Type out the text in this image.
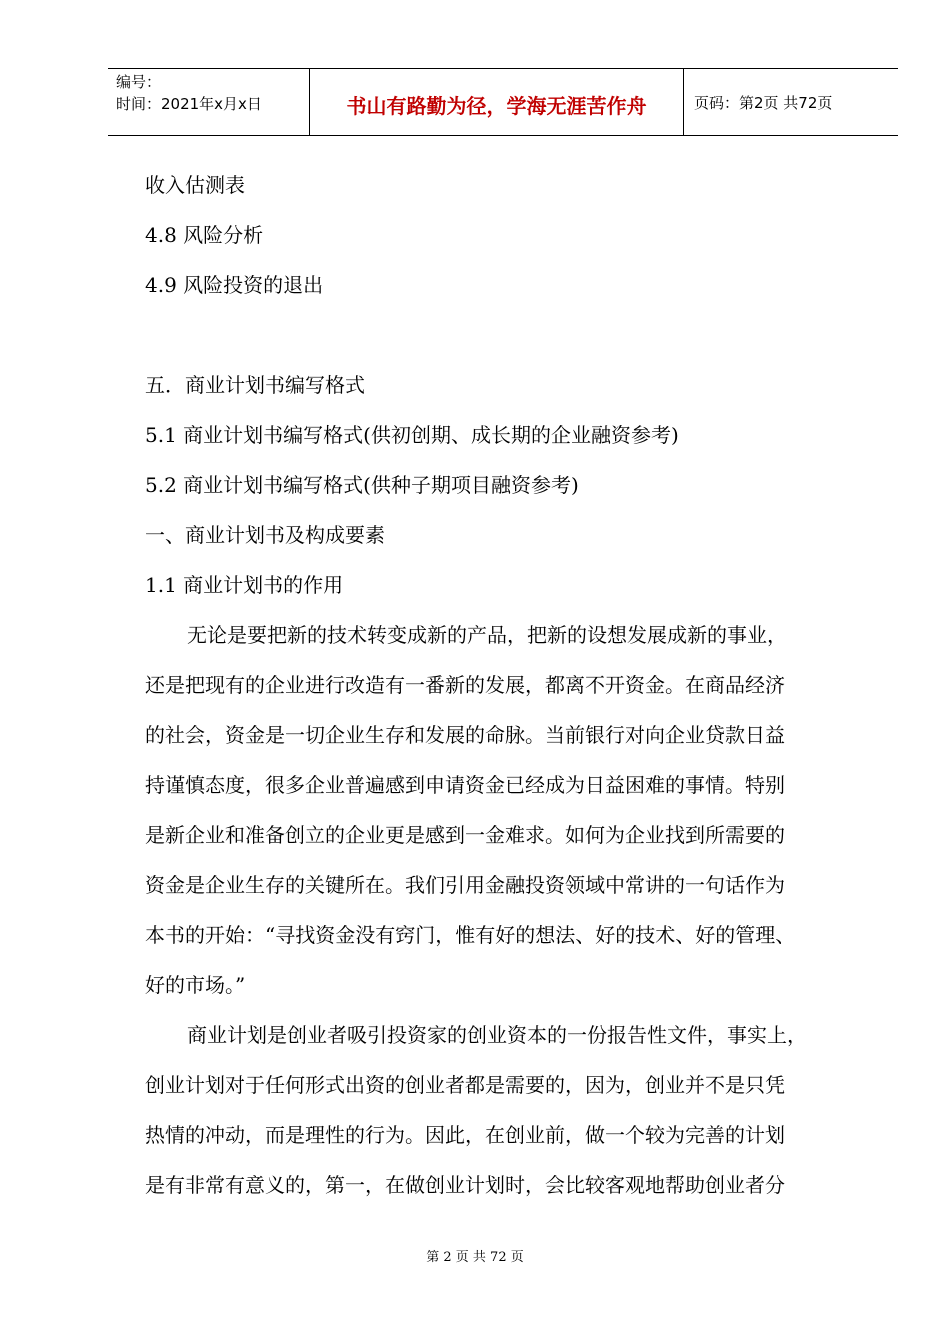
编号：
时间：2021年x月x日	书山有路勤为径，学海无涯苦作舟	页码：第2页 共72页
收入估测表
4.8 风险分析
4.9 风险投资的退出
五．商业计划书编写格式
5.1 商业计划书编写格式(供初创期、成长期的企业融资参考)
5.2 商业计划书编写格式(供种子期项目融资参考)
一、商业计划书及构成要素
1.1 商业计划书的作用
无论是要把新的技术转变成新的产品，把新的设想发展成新的事业，
还是把现有的企业进行改造有一番新的发展，都离不开资金。在商品经济
的社会，资金是一切企业生存和发展的命脉。当前银行对向企业贷款日益
持谨慎态度，很多企业普遍感到申请资金已经成为日益困难的事情。特别
是新企业和准备创立的企业更是感到一金难求。如何为企业找到所需要的
资金是企业生存的关键所在。我们引用金融投资领域中常讲的一句话作为
本书的开始：“寻找资金没有窍门，惟有好的想法、好的技术、好的管理、
好的市场。”
商业计划是创业者吸引投资家的创业资本的一份报告性文件，事实上，
创业计划对于任何形式出资的创业者都是需要的，因为，创业并不是只凭
热情的冲动，而是理性的行为。因此，在创业前，做一个较为完善的计划
是有非常有意义的，第一，在做创业计划时，会比较客观地帮助创业者分
第 2 页 共 72 页
